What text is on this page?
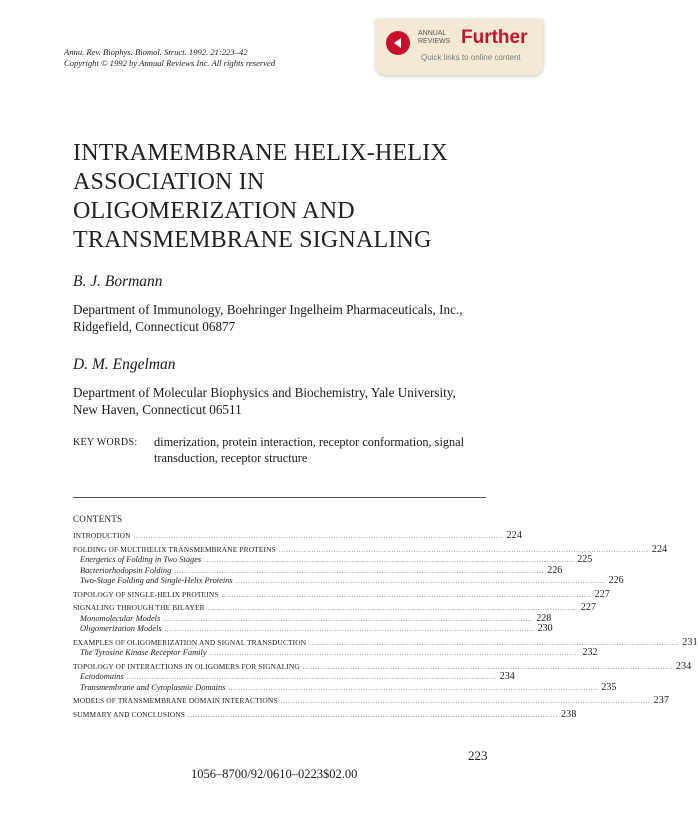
Annu. Rev. Biophys. Biomol. Struct. 1992. 21:223–42
Copyright © 1992 by Annual Reviews Inc. All rights reserved
ANNUAL
REVIEWS Further
Quick links to online content
INTRAMEMBRANE HELIX-HELIX
ASSOCIATION IN
OLIGOMERIZATION AND
TRANSMEMBRANE SIGNALING
B. J. Bormann
Department of Immunology, Boehringer Ingelheim Pharmaceuticals, Inc.,
Ridgefield, Connecticut 06877
D. M. Engelman
Department of Molecular Biophysics and Biochemistry, Yale University,
New Haven, Connecticut 06511
KEY WORDS: dimerization, protein interaction, receptor conformation, signal
transduction, receptor structure
CONTENTS
INTRODUCTION .................................................................................................................................................... 224
FOLDING OF MULTIHELIX TRANSMEMBRANE PROTEINS .................................................................................................................................................... 224
Energetics of Folding in Two Stages .................................................................................................................................................... 225
Bacteriorhodopsin Folding .................................................................................................................................................... 226
Two-Stage Folding and Single-Helix Proteins .................................................................................................................................................... 226
TOPOLOGY OF SINGLE-HELIX PROTEINS .................................................................................................................................................... 227
SIGNALING THROUGH THE BILAYER .................................................................................................................................................... 227
Monomolecular Models .................................................................................................................................................... 228
Oligomerization Models .................................................................................................................................................... 230
EXAMPLES OF OLIGOMERIZATION AND SIGNAL TRANSDUCTION .................................................................................................................................................... 231
The Tyrosine Kinase Receptor Family .................................................................................................................................................... 232
TOPOLOGY OF INTERACTIONS IN OLIGOMERS FOR SIGNALING .................................................................................................................................................... 234
Ectodomains .................................................................................................................................................... 234
Transmembrane and Cytoplasmic Domains .................................................................................................................................................... 235
MODELS OF TRANSMEMBRANE DOMAIN INTERACTIONS .................................................................................................................................................... 237
SUMMARY AND CONCLUSIONS .................................................................................................................................................... 238
223
1056–8700/92/0610–0223$02.00
